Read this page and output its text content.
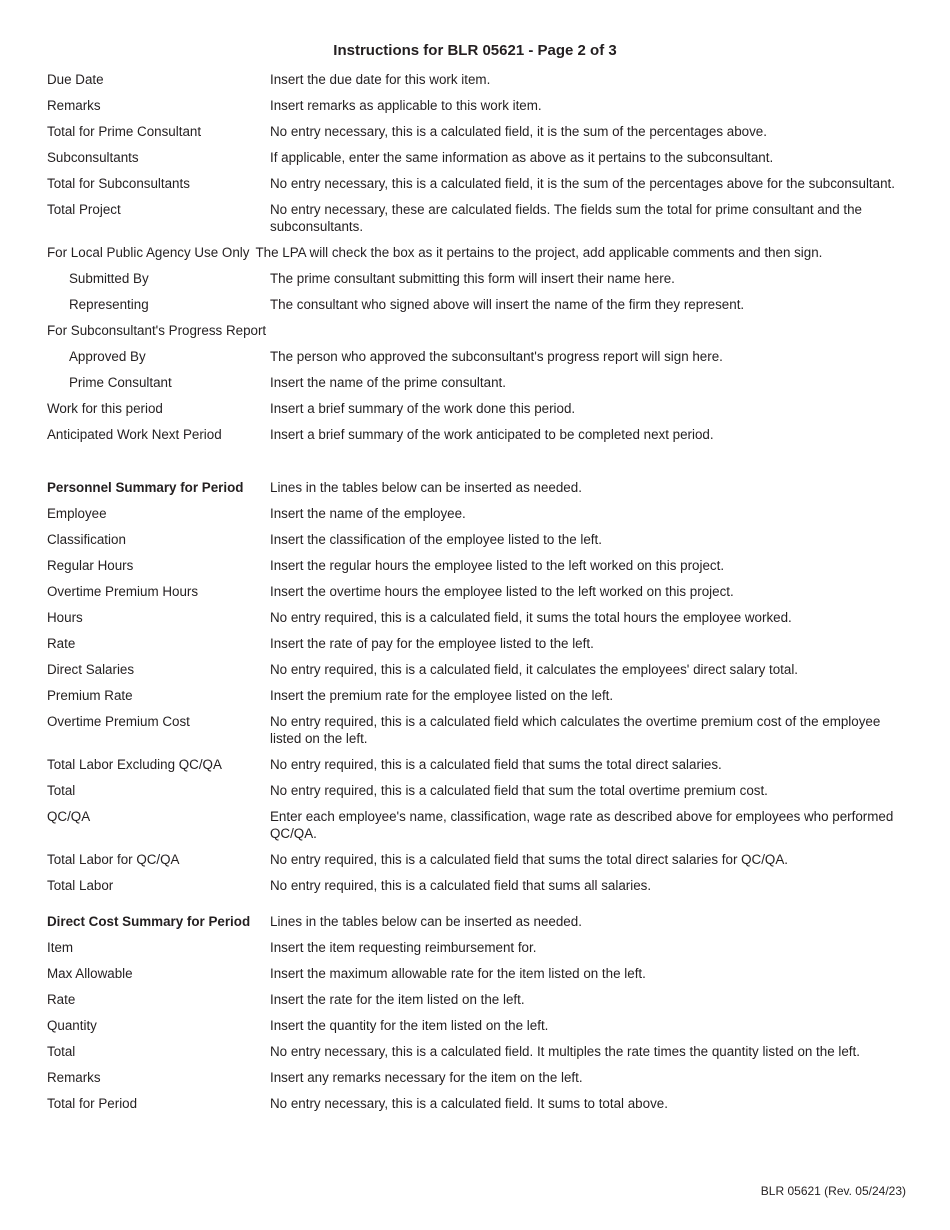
Instructions for BLR 05621 - Page 2 of 3
Due Date	Insert the due date for this work item.
Remarks	Insert remarks as applicable to this work item.
Total for Prime Consultant	No entry necessary, this is a calculated field, it is the sum of the percentages above.
Subconsultants	If applicable, enter the same information as above as it pertains to the subconsultant.
Total for Subconsultants	No entry necessary, this is a calculated field, it is the sum of the percentages above for the subconsultant.
Total Project	No entry necessary, these are calculated fields. The fields sum the total for prime consultant and the subconsultants.
For Local Public Agency Use Only The LPA will check the box as it pertains to the project, add applicable comments and then sign.
Submitted By	The prime consultant submitting this form will insert their name here.
Representing	The consultant who signed above will insert the name of the firm they represent.
For Subconsultant's Progress Report
Approved By	The person who approved the subconsultant's progress report will sign here.
Prime Consultant	Insert the name of the prime consultant.
Work for this period	Insert a brief summary of the work done this period.
Anticipated Work Next Period	Insert a brief summary of the work anticipated to be completed next period.
Personnel Summary for Period	Lines in the tables below can be inserted as needed.
Employee	Insert the name of the employee.
Classification	Insert the classification of the employee listed to the left.
Regular Hours	Insert the regular hours the employee listed to the left worked on this project.
Overtime Premium Hours	Insert the overtime hours the employee listed to the left worked on this project.
Hours	No entry required, this is a calculated field, it sums the total hours the employee worked.
Rate	Insert the rate of pay for the employee listed to the left.
Direct Salaries	No entry required, this is a calculated field, it calculates the employees' direct salary total.
Premium Rate	Insert the premium rate for the employee listed on the left.
Overtime Premium Cost	No entry required, this is a calculated field which calculates the overtime premium cost of the employee listed on the left.
Total Labor Excluding QC/QA	No entry required, this is a calculated field that sums the total direct salaries.
Total	No entry required, this is a calculated field that sum the total overtime premium cost.
QC/QA	Enter each employee's name, classification, wage rate as described above for employees who performed QC/QA.
Total Labor for QC/QA	No entry required, this is a calculated field that sums the total direct salaries for QC/QA.
Total Labor	No entry required, this is a calculated field that sums all salaries.
Direct Cost Summary for Period	Lines in the tables below can be inserted as needed.
Item	Insert the item requesting reimbursement for.
Max Allowable	Insert the maximum allowable rate for the item listed on the left.
Rate	Insert the rate for the item listed on the left.
Quantity	Insert the quantity for the item listed on the left.
Total	No entry necessary, this is a calculated field. It multiples the rate times the quantity listed on the left.
Remarks	Insert any remarks necessary for the item on the left.
Total for Period	No entry necessary, this is a calculated field. It sums to total above.
BLR 05621 (Rev. 05/24/23)
